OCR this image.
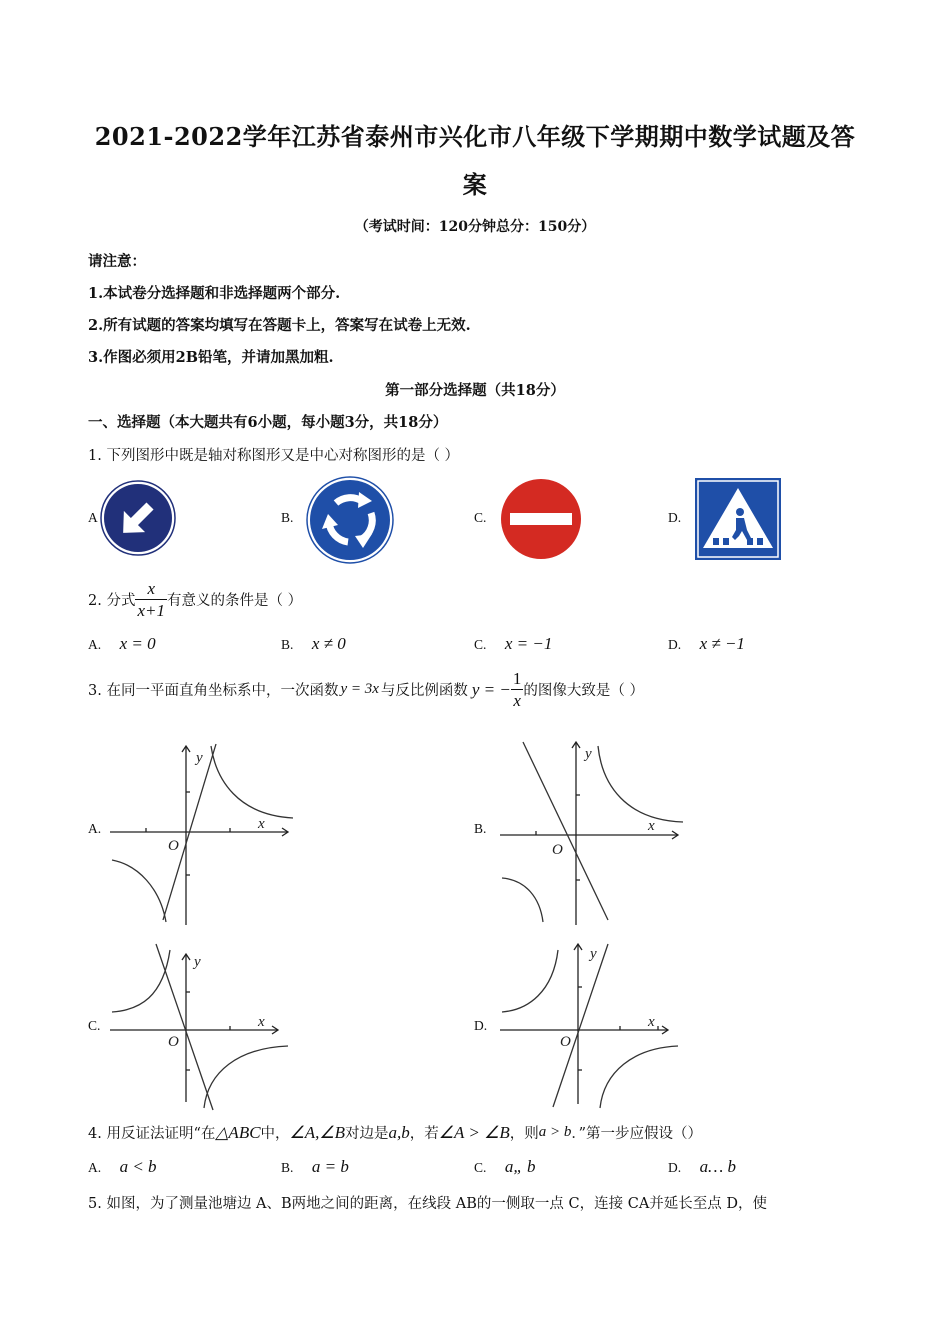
2021-2022学年江苏省泰州市兴化市八年级下学期期中数学试题及答
案
（考试时间：120分钟总分：150分）
请注意：
1.本试卷分选择题和非选择题两个部分.
2.所有试题的答案均填写在答题卡上，答案写在试卷上无效.
3.作图必须用2B铅笔，并请加黑加粗.
第一部分选择题（共18分）
一、选择题（本大题共有6小题，每小题3分，共18分）
1. 下列图形中既是轴对称图形又是中心对称图形的是（ ）
A	B.	C.	D.
2. 分式 $\frac{x}{x+1}$ 有意义的条件是（ ）
A. x = 0	B. x ≠ 0	C. x = −1	D. x ≠ −1
3. 在同一平面直角坐标系中，一次函数 y = 3x 与反比例函数 y = − $\frac{1}{x}$ 的图像大致是（ ）
A.
y
x
O
B.
y
x
O
C.
y
x
O
D.
y
x
O
4. 用反证法证明“在 △ABC 中， ∠A,∠B 对边是 a,b ，若 ∠A > ∠B ，则 a > b ．”第一步应假设（）
A. a < b	B. a = b	C. a„ b	D. a… b
5. 如图，为了测量池塘边 A、B两地之间的距离，在线段 AB的一侧取一点 C，连接 CA并延长至点 D，使
